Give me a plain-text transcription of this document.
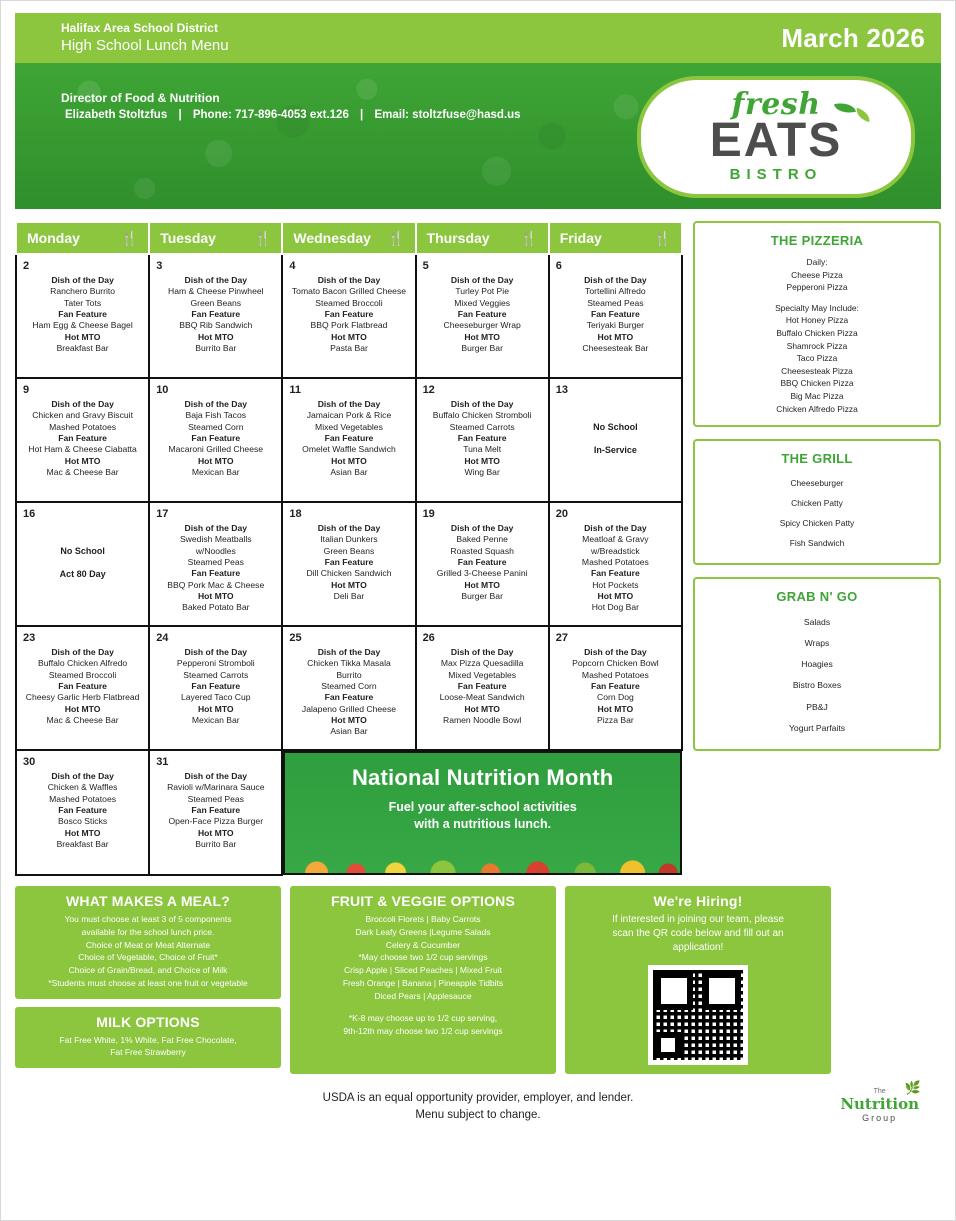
Halifax Area School District
High School Lunch Menu	March 2026
Director of Food & Nutrition
Elizabeth Stoltzfus | Phone: 717-896-4053 ext.126 | Email: stoltzfuse@hasd.us	fresh
EATS
BISTRO
Monday 🍴	Tuesday 🍴	Wednesday 🍴	Thursday 🍴	Friday 🍴

2
Dish of the Day
Ranchero Burrito
Tater Tots
Fan Feature
Ham Egg & Cheese Bagel
Hot MTO
Breakfast Bar

3
Dish of the Day
Ham & Cheese Pinwheel
Green Beans
Fan Feature
BBQ Rib Sandwich
Hot MTO
Burrito Bar

4
Dish of the Day
Tomato Bacon Grilled Cheese
Steamed Broccoli
Fan Feature
BBQ Pork Flatbread
Hot MTO
Pasta Bar

5
Dish of the Day
Turley Pot Pie
Mixed Veggies
Fan Feature
Cheeseburger Wrap
Hot MTO
Burger Bar

6
Dish of the Day
Tortellini Alfredo
Steamed Peas
Fan Feature
Teriyaki Burger
Hot MTO
Cheesesteak Bar

9
Dish of the Day
Chicken and Gravy Biscuit
Mashed Potatoes
Fan Feature
Hot Ham & Cheese Ciabatta
Hot MTO
Mac & Cheese Bar

10
Dish of the Day
Baja Fish Tacos
Steamed Corn
Fan Feature
Macaroni Grilled Cheese
Hot MTO
Mexican Bar

11
Dish of the Day
Jamaican Pork & Rice
Mixed Vegetables
Fan Feature
Omelet Waffle Sandwich
Hot MTO
Asian Bar

12
Dish of the Day
Buffalo Chicken Stromboli
Steamed Carrots
Fan Feature
Tuna Melt
Hot MTO
Wing Bar

13
No School
In-Service

16
No School
Act 80 Day

17
Dish of the Day
Swedish Meatballs
w/Noodles
Steamed Peas
Fan Feature
BBQ Pork Mac & Cheese
Hot MTO
Baked Potato Bar

18
Dish of the Day
Italian Dunkers
Green Beans
Fan Feature
Dill Chicken Sandwich
Hot MTO
Deli Bar

19
Dish of the Day
Baked Penne
Roasted Squash
Fan Feature
Grilled 3-Cheese Panini
Hot MTO
Burger Bar

20
Dish of the Day
Meatloaf & Gravy
w/Breadstick
Mashed Potatoes
Fan Feature
Hot Pockets
Hot MTO
Hot Dog Bar

23
Dish of the Day
Buffalo Chicken Alfredo
Steamed Broccoli
Fan Feature
Cheesy Garlic Herb Flatbread
Hot MTO
Mac & Cheese Bar

24
Dish of the Day
Pepperoni Stromboli
Steamed Carrots
Fan Feature
Layered Taco Cup
Hot MTO
Mexican Bar

25
Dish of the Day
Chicken Tikka Masala
Burrito
Steamed Corn
Fan Feature
Jalapeno Grilled Cheese
Hot MTO
Asian Bar

26
Dish of the Day
Max Pizza Quesadilla
Mixed Vegetables
Fan Feature
Loose-Meat Sandwich
Hot MTO
Ramen Noodle Bowl

27
Dish of the Day
Popcorn Chicken Bowl
Mashed Potatoes
Fan Feature
Corn Dog
Hot MTO
Pizza Bar

30
Dish of the Day
Chicken & Waffles
Mashed Potatoes
Fan Feature
Bosco Sticks
Hot MTO
Breakfast Bar

31
Dish of the Day
Ravioli w/Marinara Sauce
Steamed Peas
Fan Feature
Open-Face Pizza Burger
Hot MTO
Burrito Bar

National Nutrition Month
Fuel your after-school activities
with a nutritious lunch.
THE PIZZERIA
Daily:
Cheese Pizza
Pepperoni Pizza
Specialty May Include:
Hot Honey Pizza
Buffalo Chicken Pizza
Shamrock Pizza
Taco Pizza
Cheesesteak Pizza
BBQ Chicken Pizza
Big Mac Pizza
Chicken Alfredo Pizza
THE GRILL
Cheeseburger
Chicken Patty
Spicy Chicken Patty
Fish Sandwich
GRAB N' GO
Salads
Wraps
Hoagies
Bistro Boxes
PB&J
Yogurt Parfaits
WHAT MAKES A MEAL?

You must choose at least 3 of 5 components
available for the school lunch price.
Choice of Meat or Meat Alternate
Choice of Vegetable, Choice of Fruit*
Choice of Grain/Bread, and Choice of Milk
*Students must choose at least one fruit or vegetable

MILK OPTIONS

Fat Free White, 1% White, Fat Free Chocolate,
Fat Free Strawberry

FRUIT & VEGGIE OPTIONS

Broccoli Florets | Baby Carrots
Dark Leafy Greens |Legume Salads
Celery & Cucumber
*May choose two 1/2 cup servings
Crisp Apple | Sliced Peaches | Mixed Fruit
Fresh Orange | Banana | Pineapple Tidbits
Diced Pears | Applesauce

*K-8 may choose up to 1/2 cup serving,
9th-12th may choose two 1/2 cup servings

We're Hiring!

If interested in joining our team, please
scan the QR code below and fill out an
application!

USDA is an equal opportunity provider, employer, and lender.
Menu subject to change.
🌿
The
Nutrition
Group
